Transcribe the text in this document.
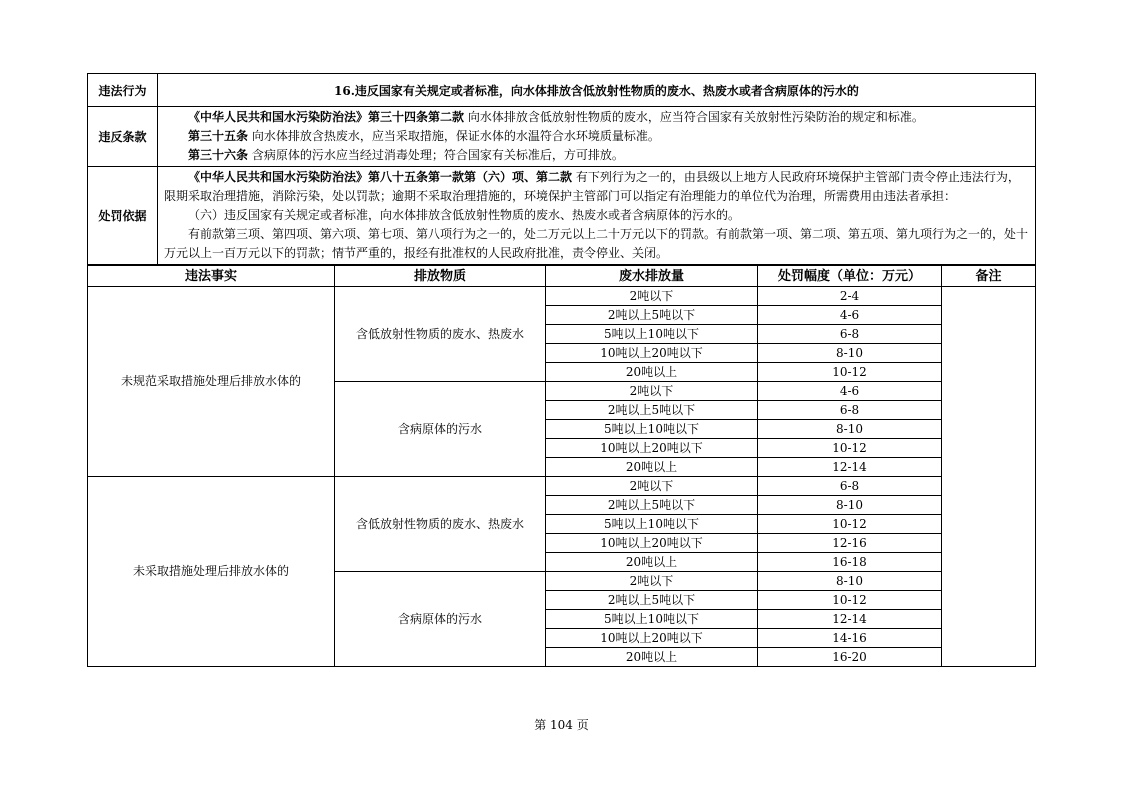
违法行为	16.违反国家有关规定或者标准，向水体排放含低放射性物质的废水、热废水或者含病原体的污水的
违反条款	《中华人民共和国水污染防治法》第三十四条第二款 向水体排放含低放射性物质的废水，应当符合国家有关放射性污染防治的规定和标准。

第三十五条 向水体排放含热废水，应当采取措施，保证水体的水温符合水环境质量标准。

第三十六条 含病原体的污水应当经过消毒处理；符合国家有关标准后，方可排放。

处罚依据	《中华人民共和国水污染防治法》第八十五条第一款第（六）项、第二款 有下列行为之一的，由县级以上地方人民政府环境保护主管部门责令停止违法行为，限期采取治理措施，消除污染，处以罚款；逾期不采取治理措施的，环境保护主管部门可以指定有治理能力的单位代为治理，所需费用由违法者承担：

（六）违反国家有关规定或者标准，向水体排放含低放射性物质的废水、热废水或者含病原体的污水的。

有前款第三项、第四项、第六项、第七项、第八项行为之一的，处二万元以上二十万元以下的罚款。有前款第一项、第二项、第五项、第九项行为之一的，处十万元以上一百万元以下的罚款；情节严重的，报经有批准权的人民政府批准，责令停业、关闭。

违法事实	排放物质	废水排放量	处罚幅度（单位：万元）	备注
未规范采取措施处理后排放水体的	含低放射性物质的废水、热废水	2吨以下	2-4	
		2吨以上5吨以下	4-6	
		5吨以上10吨以下	6-8	
		10吨以上20吨以下	8-10	
		20吨以上	10-12	
	含病原体的污水	2吨以下	4-6	
		2吨以上5吨以下	6-8	
		5吨以上10吨以下	8-10	
		10吨以上20吨以下	10-12	
		20吨以上	12-14	
未采取措施处理后排放水体的	含低放射性物质的废水、热废水	2吨以下	6-8	
		2吨以上5吨以下	8-10	
		5吨以上10吨以下	10-12	
		10吨以上20吨以下	12-16	
		20吨以上	16-18	
	含病原体的污水	2吨以下	8-10	
		2吨以上5吨以下	10-12	
		5吨以上10吨以下	12-14	
		10吨以上20吨以下	14-16	
		20吨以上	16-20	
第 104 页
